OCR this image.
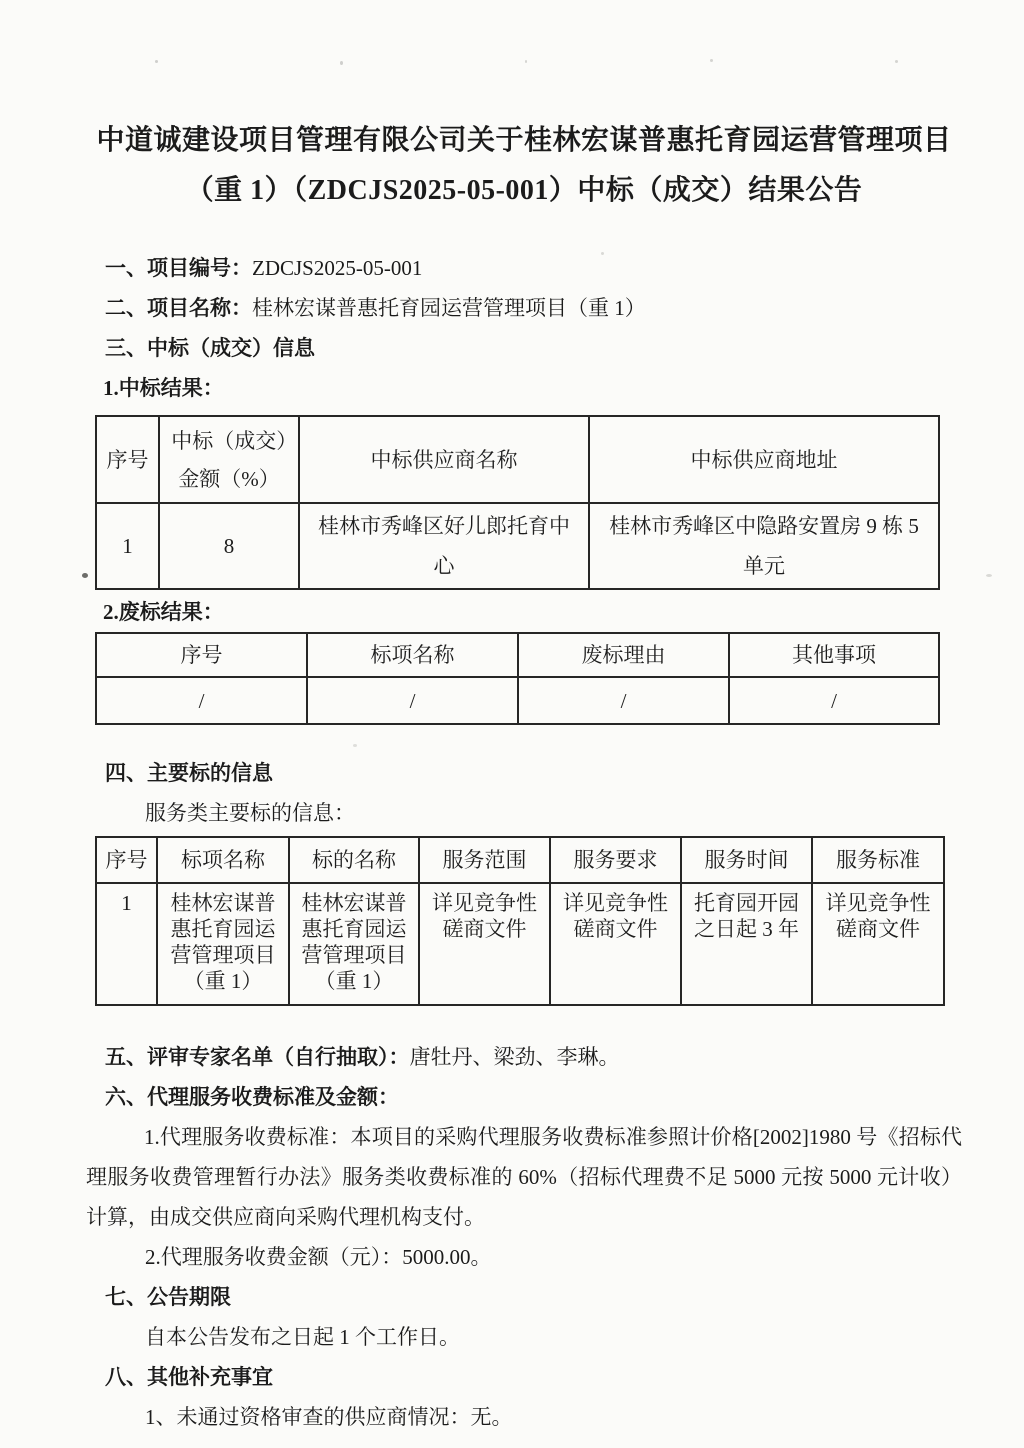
中道诚建设项目管理有限公司关于桂林宏谋普惠托育园运营管理项目
（重 1）（ZDCJS2025-05-001）中标（成交）结果公告
一、项目编号：ZDCJS2025-05-001
二、项目名称：桂林宏谋普惠托育园运营管理项目（重 1）
三、中标（成交）信息
1.中标结果：
序号	中标（成交）金额（%）	中标供应商名称	中标供应商地址
1	8	桂林市秀峰区好儿郎托育中心	桂林市秀峰区中隐路安置房 9 栋 5 单元
2.废标结果：
序号	标项名称	废标理由	其他事项
/	/	/	/
四、主要标的信息
服务类主要标的信息：
序号	标项名称	标的名称	服务范围	服务要求	服务时间	服务标准
1	桂林宏谋普惠托育园运营管理项目（重 1）	桂林宏谋普惠托育园运营管理项目（重 1）	详见竞争性磋商文件	详见竞争性磋商文件	托育园开园之日起 3 年	详见竞争性磋商文件
五、评审专家名单（自行抽取）：唐牡丹、梁劲、李琳。
六、代理服务收费标准及金额：
1.代理服务收费标准：本项目的采购代理服务收费标准参照计价格[2002]1980 号《招标代理服务收费管理暂行办法》服务类收费标准的 60%（招标代理费不足 5000 元按 5000 元计收）计算，由成交供应商向采购代理机构支付。
2.代理服务收费金额（元）：5000.00。
七、公告期限
自本公告发布之日起 1 个工作日。
八、其他补充事宜
1、未通过资格审查的供应商情况：无。
